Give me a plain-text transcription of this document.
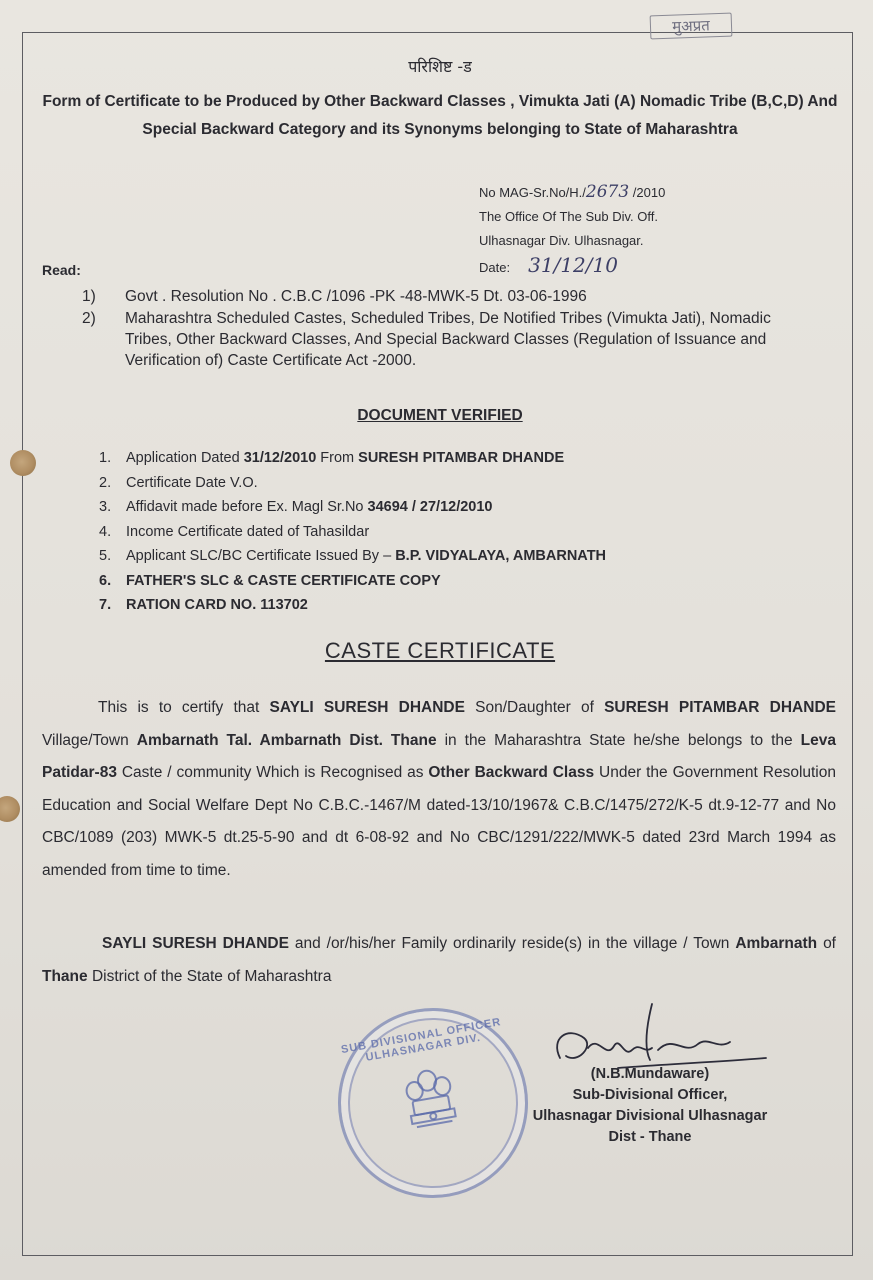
मुअप्रत
परिशिष्ट -ड
Form of Certificate to be Produced by Other Backward Classes , Vimukta Jati (A) Nomadic Tribe (B,C,D) And Special Backward Category and its Synonyms belonging to State of Maharashtra
No MAG-Sr.No/H./2673 /2010
The Office Of The Sub Div. Off.
Ulhasnagar Div. Ulhasnagar.
Date: 31/12/10
Read:
1)	Govt . Resolution No . C.B.C /1096 -PK -48-MWK-5 Dt. 03-06-1996
2)	Maharashtra Scheduled Castes, Scheduled Tribes, De Notified Tribes (Vimukta Jati), Nomadic Tribes, Other Backward Classes, And Special Backward Classes (Regulation of Issuance and Verification of) Caste Certificate Act -2000.
DOCUMENT VERIFIED
1.	Application Dated 31/12/2010 From SURESH PITAMBAR DHANDE
2.	Certificate Date V.O.
3.	Affidavit made before Ex. Magl Sr.No 34694 / 27/12/2010
4.	Income Certificate dated of Tahasildar
5.	Applicant SLC/BC Certificate Issued By – B.P. VIDYALAYA, AMBARNATH
6.	FATHER'S SLC & CASTE CERTIFICATE COPY
7.	RATION CARD NO. 113702
CASTE CERTIFICATE
This is to certify that SAYLI SURESH DHANDE Son/Daughter of SURESH PITAMBAR DHANDE Village/Town Ambarnath Tal. Ambarnath Dist. Thane in the Maharashtra State he/she belongs to the Leva Patidar-83 Caste / community Which is Recognised as Other Backward Class Under the Government Resolution Education and Social Welfare Dept No C.B.C.-1467/M dated-13/10/1967& C.B.C/1475/272/K-5 dt.9-12-77 and No CBC/1089 (203) MWK-5 dt.25-5-90 and dt 6-08-92 and No CBC/1291/222/MWK-5 dated 23rd March 1994 as amended from time to time.
SAYLI SURESH DHANDE and /or/his/her Family ordinarily reside(s) in the village / Town Ambarnath of Thane District of the State of Maharashtra
SUB DIVISIONAL OFFICER ULHASNAGAR DIV.
(N.B.Mundaware)
Sub-Divisional Officer,
Ulhasnagar Divisional Ulhasnagar
Dist - Thane
